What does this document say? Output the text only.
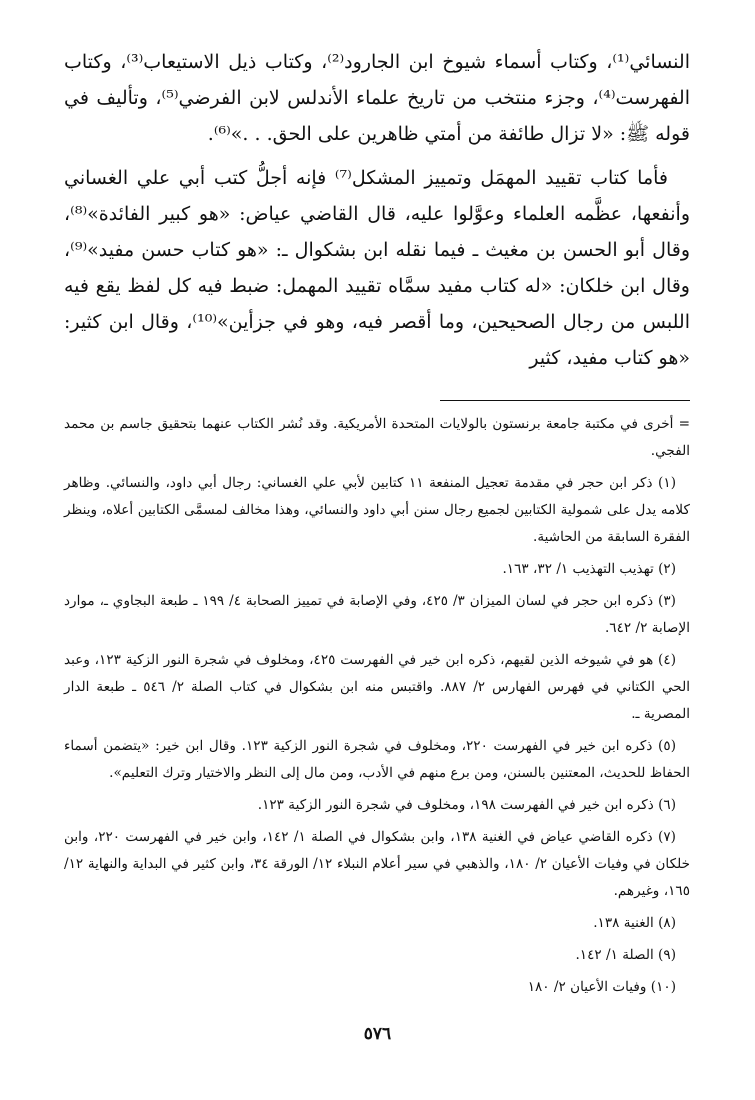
النسائي⁽¹⁾، وكتاب أسماء شيوخ ابن الجارود⁽²⁾، وكتاب ذيل الاستيعاب⁽³⁾، وكتاب الفهرست⁽⁴⁾، وجزء منتخب من تاريخ علماء الأندلس لابن الفرضي⁽⁵⁾، وتأليف في قوله ﷺ: «لا تزال طائفة من أمتي ظاهرين على الحق. . .»⁽⁶⁾.

فأما كتاب تقييد المهمَل وتمييز المشكل⁽⁷⁾ فإنه أجلُّ كتب أبي علي الغساني وأنفعها، عظَّمه العلماء وعوَّلوا عليه، قال القاضي عياض: «هو كبير الفائدة»⁽⁸⁾، وقال أبو الحسن بن مغيث ـ فيما نقله ابن بشكوال ـ: «هو كتاب حسن مفيد»⁽⁹⁾، وقال ابن خلكان: «له كتاب مفيد سمَّاه تقييد المهمل: ضبط فيه كل لفظ يقع فيه اللبس من رجال الصحيحين، وما أقصر فيه، وهو في جزأين»⁽¹⁰⁾، وقال ابن كثير: «هو كتاب مفيد، كثير

= أخرى في مكتبة جامعة برنستون بالولايات المتحدة الأمريكية. وقد نُشر الكتاب عنهما بتحقيق جاسم بن محمد الفجي.

(١) ذكر ابن حجر في مقدمة تعجيل المنفعة ١١ كتابين لأبي علي الغساني: رجال أبي داود، والنسائي. وظاهر كلامه يدل على شمولية الكتابين لجميع رجال سنن أبي داود والنسائي، وهذا مخالف لمسمَّى الكتابين أعلاه، وينظر الفقرة السابقة من الحاشية.

(٢) تهذيب التهذيب ١/ ٣٢، ١٦٣.

(٣) ذكره ابن حجر في لسان الميزان ٣/ ٤٢٥، وفي الإصابة في تمييز الصحابة ٤/ ١٩٩ ـ طبعة البجاوي ـ، موارد الإصابة ٢/ ٦٤٢.

(٤) هو في شيوخه الذين لقيهم، ذكره ابن خير في الفهرست ٤٢٥، ومخلوف في شجرة النور الزكية ١٢٣، وعبد الحي الكتاني في فهرس الفهارس ٢/ ٨٨٧. واقتبس منه ابن بشكوال في كتاب الصلة ٢/ ٥٤٦ ـ طبعة الدار المصرية ـ.

(٥) ذكره ابن خير في الفهرست ٢٢٠، ومخلوف في شجرة النور الزكية ١٢٣. وقال ابن خير: «يتضمن أسماء الحفاظ للحديث، المعتنين بالسنن، ومن برع منهم في الأدب، ومن مال إلى النظر والاختيار وترك التعليم».

(٦) ذكره ابن خير في الفهرست ١٩٨، ومخلوف في شجرة النور الزكية ١٢٣.

(٧) ذكره القاضي عياض في الغنية ١٣٨، وابن بشكوال في الصلة ١/ ١٤٢، وابن خير في الفهرست ٢٢٠، وابن خلكان في وفيات الأعيان ٢/ ١٨٠، والذهبي في سير أعلام النبلاء ١٢/ الورقة ٣٤، وابن كثير في البداية والنهاية ١٢/ ١٦٥، وغيرهم.

(٨) الغنية ١٣٨.

(٩) الصلة ١/ ١٤٢.

(١٠) وفيات الأعيان ٢/ ١٨٠

٥٧٦
